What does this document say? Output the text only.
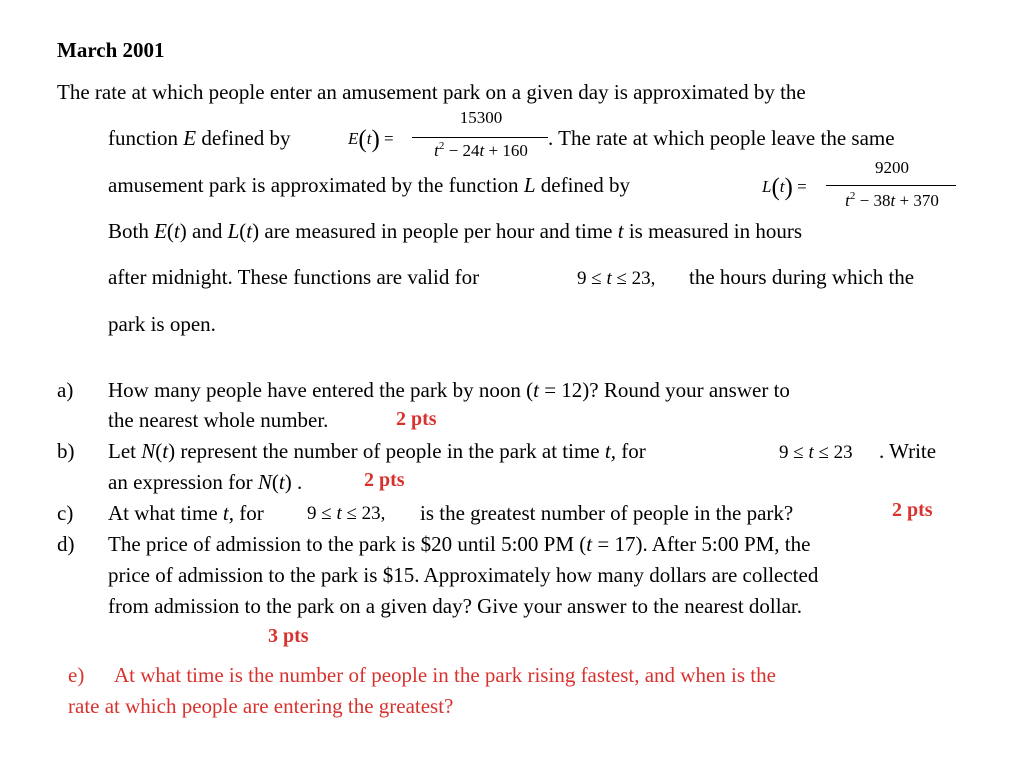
March 2001
The rate at which people enter an amusement park on a given day is approximated by the
function E defined by	E(t) =
15300
$t^2 - 24t + 160$
. The rate at which people leave the same
amusement park is approximated by the function L defined by	L(t) =
9200
$t^2 - 38t + 370$
Both E(t) and L(t) are measured in people per hour and time t is measured in hours
after midnight. These functions are valid for	9 ≤ t ≤ 23, the hours during which the
park is open.
a) How many people have entered the park by noon (t = 12)? Round your answer to
the nearest whole number.	2 pts
b) Let N(t) represent the number of people in the park at time t, for	9 ≤ t ≤ 23 . Write
an expression for N(t) .	2 pts
c) At what time t, for 9 ≤ t ≤ 23, is the greatest number of people in the park?	2 pts
d) The price of admission to the park is $20 until 5:00 PM (t = 17). After 5:00 PM, the
price of admission to the park is $15. Approximately how many dollars are collected
from admission to the park on a given day? Give your answer to the nearest dollar.
3 pts
e) At what time is the number of people in the park rising fastest, and when is the
rate at which people are entering the greatest?
